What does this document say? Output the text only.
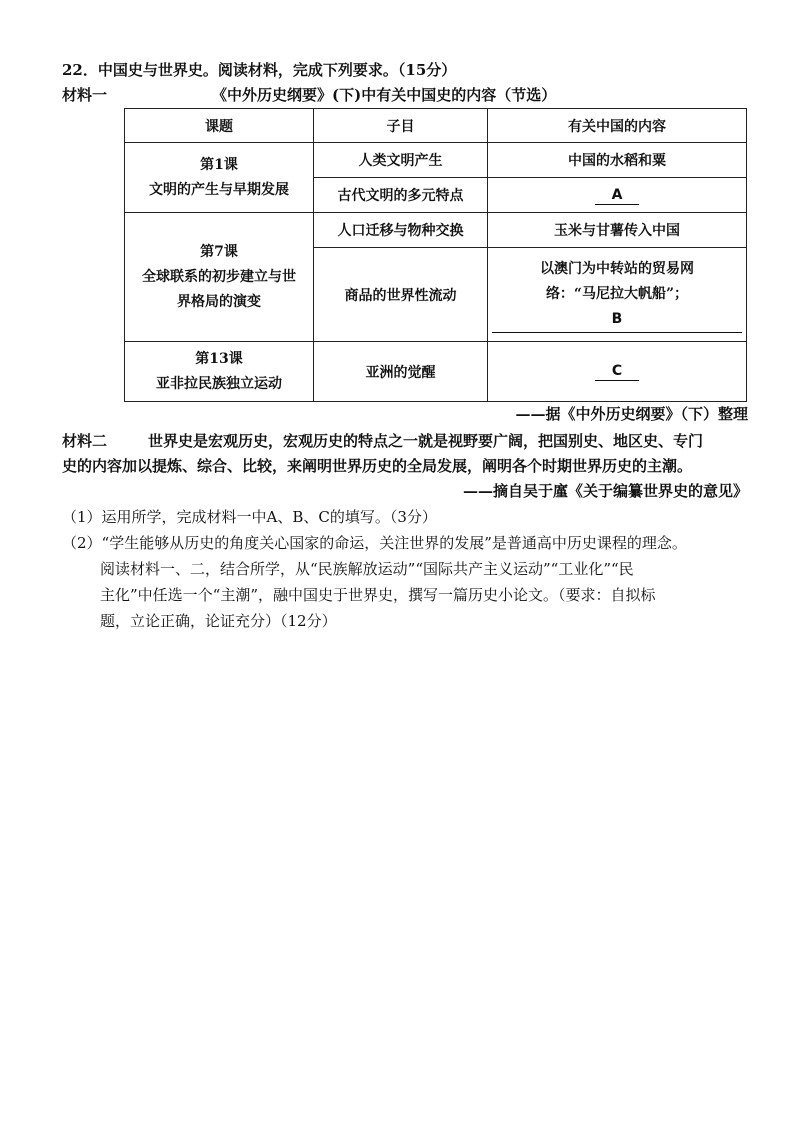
22．中国史与世界史。阅读材料，完成下列要求。（15分）
材料一	《中外历史纲要》(下)中有关中国史的内容（节选）
课题	子目	有关中国的内容

第1课
文明的产生与早期发展	人类文明产生	中国的水稻和粟
	古代文明的多元特点	A

第7课
全球联系的初步建立与世
界格局的演变	人口迁移与物种交换	玉米与甘薯传入中国
	商品的世界性流动	以澳门为中转站的贸易网
络：“马尼拉大帆船”；
B

第13课
亚非拉民族独立运动	亚洲的觉醒	C
——据《中外历史纲要》（下）整理
材料二	世界史是宏观历史，宏观历史的特点之一就是视野要广阔，把国别史、地区史、专门
史的内容加以提炼、综合、比较，来阐明世界历史的全局发展，阐明各个时期世界历史的主潮。
——摘自吴于廑《关于编纂世界史的意见》
（1）运用所学，完成材料一中A、B、C的填写。（3分）
（2）“学生能够从历史的角度关心国家的命运，关注世界的发展”是普通高中历史课程的理念。
阅读材料一、二，结合所学，从“民族解放运动”“国际共产主义运动”“工业化”“民
主化”中任选一个“主潮”，融中国史于世界史，撰写一篇历史小论文。（要求：自拟标
题，立论正确，论证充分）（12分）
